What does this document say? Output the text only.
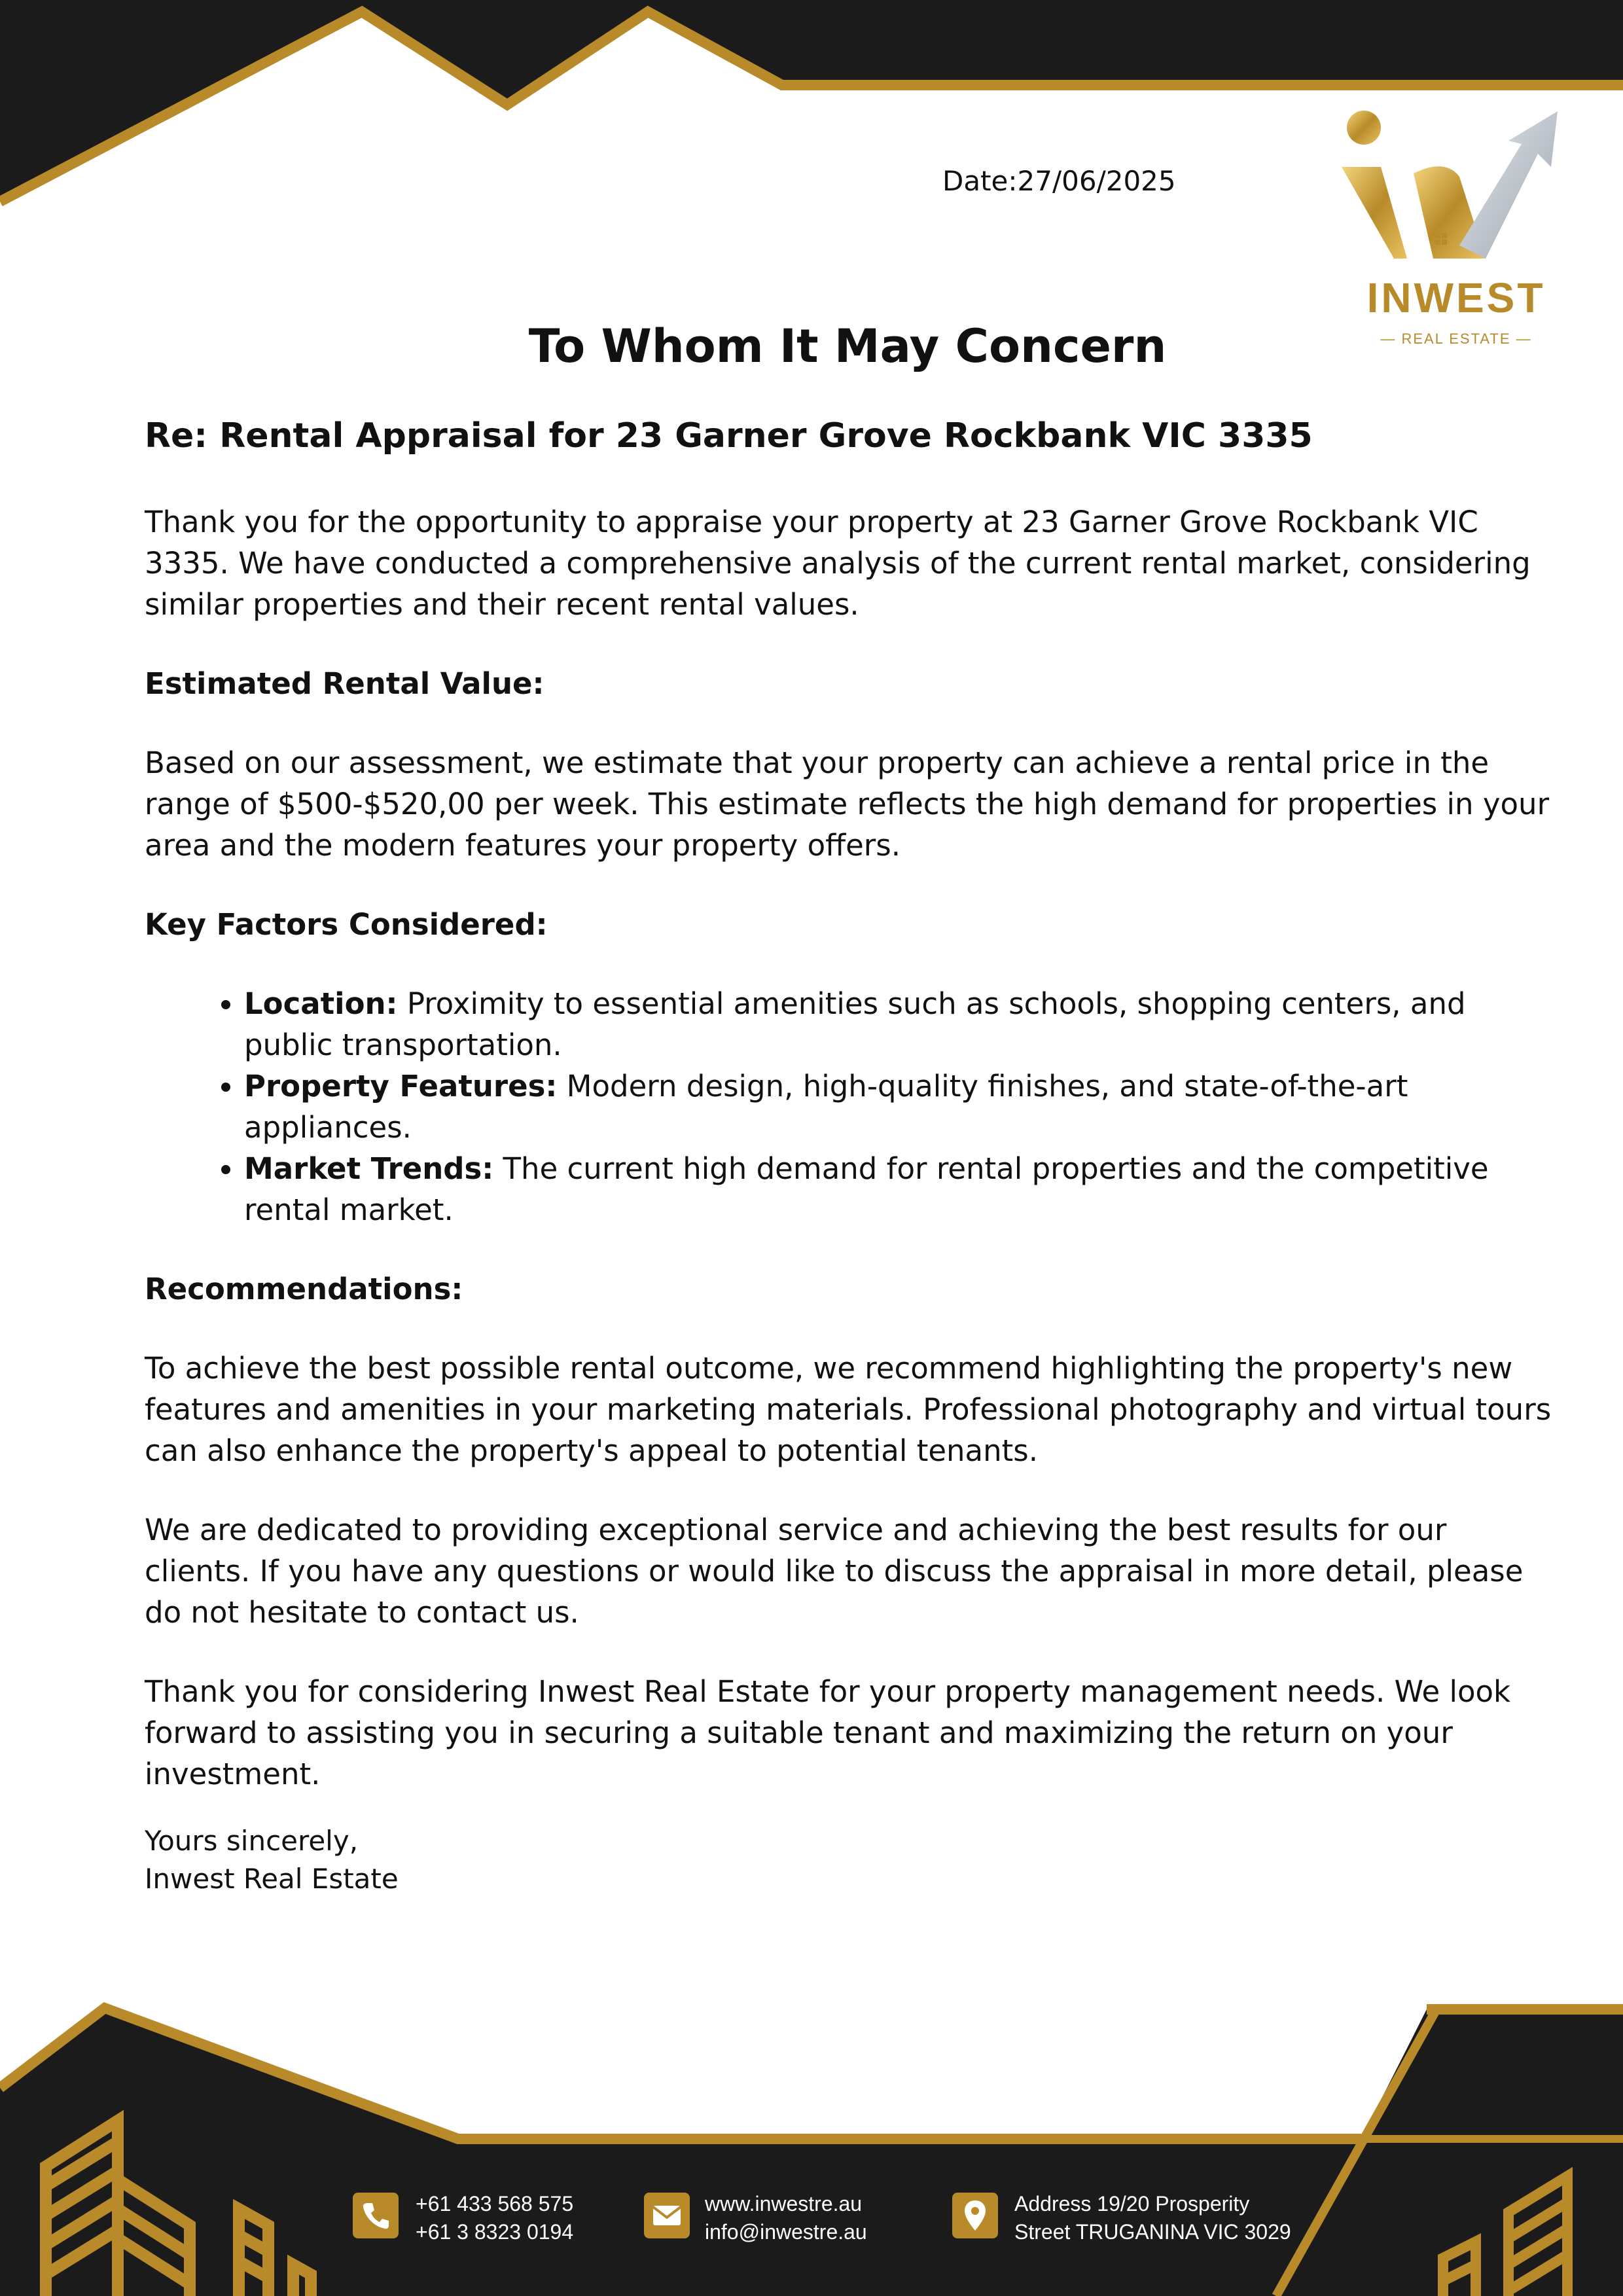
Date:27/06/2025
INWEST
— REAL ESTATE —
To Whom It May Concern
Re: Rental Appraisal for 23 Garner Grove Rockbank VIC 3335

Thank you for the opportunity to appraise your property at 23 Garner Grove Rockbank VIC 3335. We have conducted a comprehensive analysis of the current rental market, considering similar properties and their recent rental values.

Estimated Rental Value:

Based on our assessment, we estimate that your property can achieve a rental price in the range of $500-$520,00 per week. This estimate reflects the high demand for properties in your area and the modern features your property offers.

Key Factors Considered:

• Location: Proximity to essential amenities such as schools, shopping centers, and public transportation.
• Property Features: Modern design, high-quality finishes, and state-of-the-art appliances.
• Market Trends: The current high demand for rental properties and the competitive rental market.

Recommendations:

To achieve the best possible rental outcome, we recommend highlighting the property's new features and amenities in your marketing materials. Professional photography and virtual tours can also enhance the property's appeal to potential tenants.

We are dedicated to providing exceptional service and achieving the best results for our clients. If you have any questions or would like to discuss the appraisal in more detail, please do not hesitate to contact us.

Thank you for considering Inwest Real Estate for your property management needs. We look forward to assisting you in securing a suitable tenant and maximizing the return on your investment.

Yours sincerely,
Inwest Real Estate
+61 433 568 575
+61 3 8323 0194
www.inwestre.au
info@inwestre.au
Address 19/20 Prosperity
Street TRUGANINA VIC 3029
